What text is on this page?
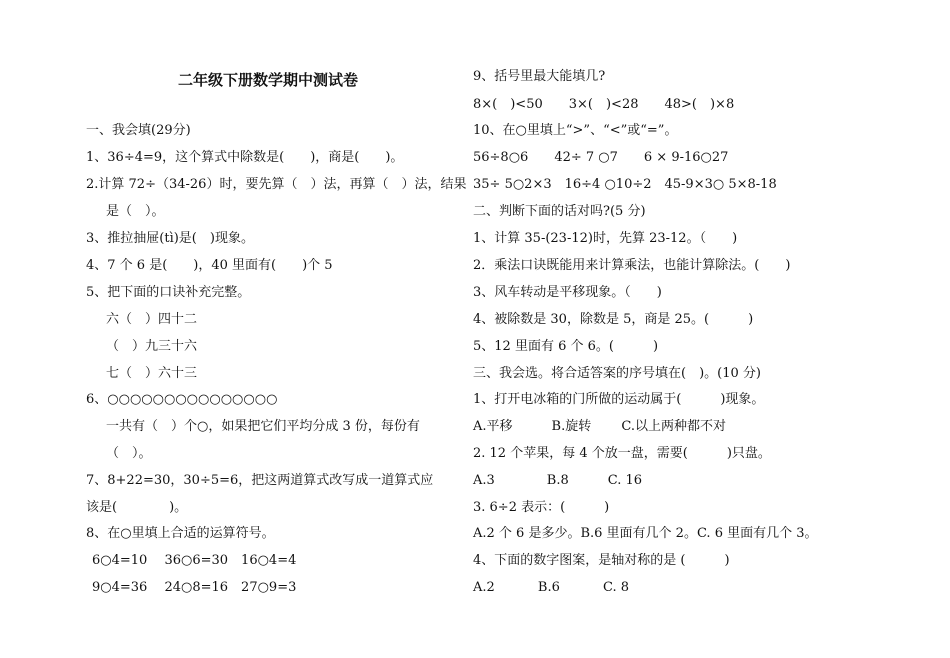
二年级下册数学期中测试卷
一、我会填(29分)
1、36÷4=9，这个算式中除数是(　　)，商是(　　)。
2.计算 72÷（34-26）时，要先算（　）法，再算（　）法，结果
是（　）。
3、推拉抽屉(tì)是(　)现象。
4、7 个 6 是(　　)，40 里面有(　　)个 5
5、把下面的口诀补充完整。
六（　）四十二
（　）九三十六
七（　）六十三
6、○○○○○○○○○○○○○○○
一共有（　）个○，如果把它们平均分成 3 份，每份有
（　）。
7、8+22=30，30÷5=6，把这两道算式改写成一道算式应
该是(　　　　)。
8、在○里填上合适的运算符号。
6○4=10　 36○6=30　16○4=4
9○4=36　 24○8=16　27○9=3
9、括号里最大能填几?
8×(　)<50　　3×(　)<28　　48>(　)×8
10、在○里填上“>”、“<”或“=”。
56÷8○6　　42÷ 7 ○7　　6 × 9-16○27
35÷ 5○2×3　16÷4 ○10÷2　45-9×3○ 5×8-18
二、判断下面的话对吗?(5 分)
1、计算 35-(23-12)时，先算 23-12。（　　)
2．乘法口诀既能用来计算乘法，也能计算除法。(　　)
3、风车转动是平移现象。（　　)
4、被除数是 30，除数是 5，商是 25。(　　　)
5、12 里面有 6 个 6。(　　　)
三、我会选。将合适答案的序号填在(　)。(10 分)
1、打开电冰箱的门所做的运动属于(　　　)现象。
A.平移　　　B.旋转　　 C.以上两种都不对
2. 12 个苹果，每 4 个放一盘，需要(　　　)只盘。
A.3　　　　B.8　　　C. 16
3. 6÷2 表示：(　　　)
A.2 个 6 是多少。B.6 里面有几个 2。C. 6 里面有几个 3。
4、下面的数字图案，是轴对称的是 (　　　)
A.2　　　 B.6　　　 C. 8
